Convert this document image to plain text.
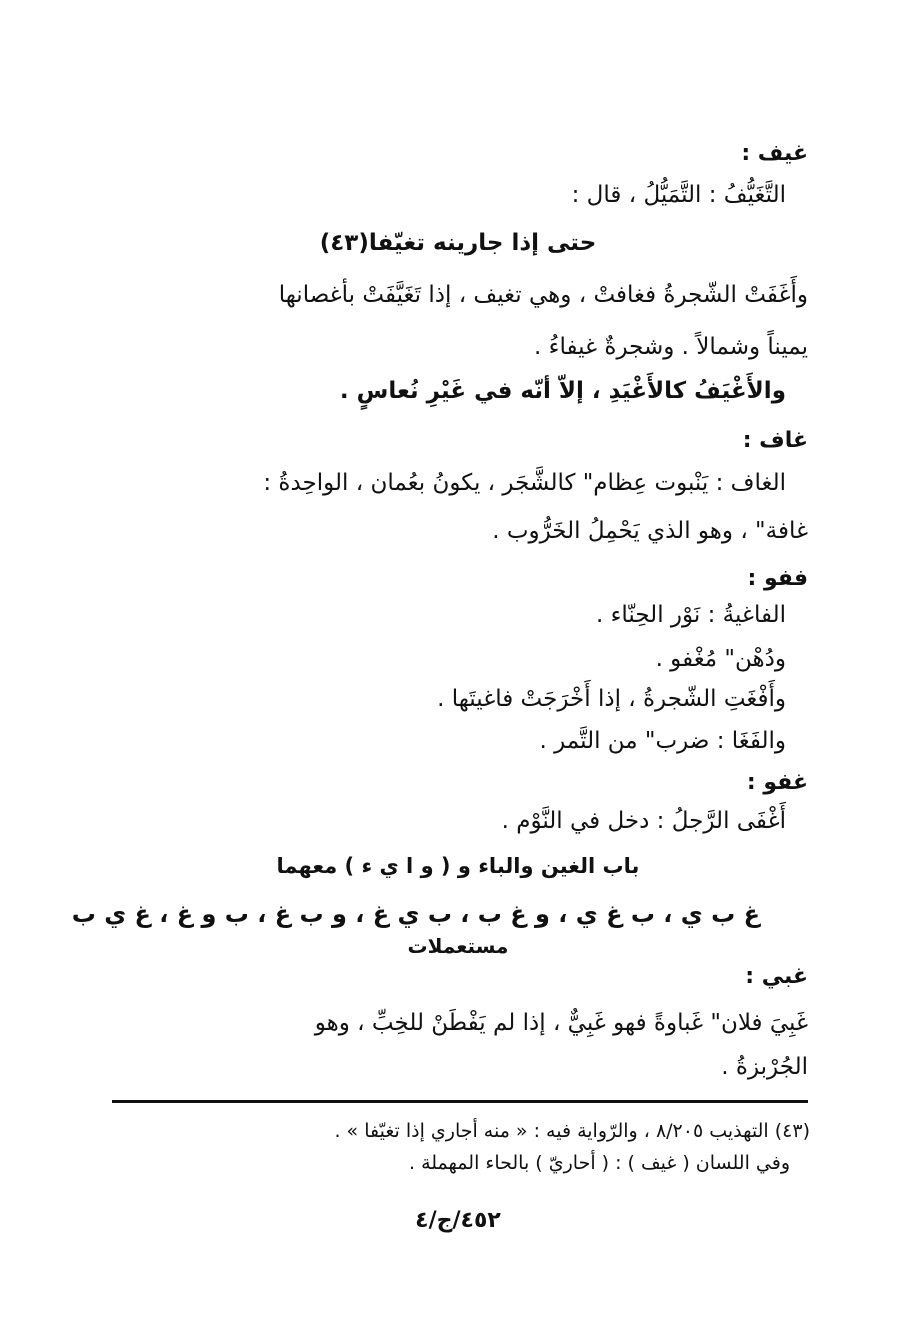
غيف :
التَّغَيُّفُ : التَّمَيُّلُ ، قال :
حتى إذا جارينه تغيّفا(٤٣)
وأَغَفَتْ الشّجرةُ فغافتْ ، وهي تغيف ، إذا تَغَيَّفَتْ بأغصانها
يميناً وشمالاً . وشجرةٌ غيفاءُ .
والأَغْيَفُ كالأَغْيَدِ ، إلاّ أنّه في غَيْرِ نُعاسٍ .
غاف :
الغاف : يَنْبوت عِظام" كالشَّجَر ، يكونُ بعُمان ، الواحِدةُ :
غافة" ، وهو الذي يَحْمِلُ الخَرُّوب .
ففو :
الفاغيةُ : نَوْر الحِنّاء .
ودُهْن" مُغْفو .
وأَفْغَتِ الشّجرةُ ، إذا أَخْرَجَتْ فاغيتَها .
والفَغَا : ضرب" من التَّمر .
غفو :
أَغْفَى الرَّجلُ : دخل في النَّوْم .
باب الغين والباء و ( و ا ي ء ) معهما
غ ب ي ، ب غ ي ، و غ ب ، ب ي غ ، و ب غ ، ب و غ ، غ ي ب
مستعملات
غبي :
غَبِيَ فلان" غَباوةً فهو غَبِيٌّ ، إذا لم يَفْطَنْ للخِبِّ ، وهو
الجُرْبزةُ .
(٤٣) التهذيب ٨/٢٠٥ ، والرّواية فيه : « منه أجاري إذا تغيّفا » .
وفي اللسان ( غيف ) : ( أحاريّ ) بالحاء المهملة .
٤٥٢/ج/٤
